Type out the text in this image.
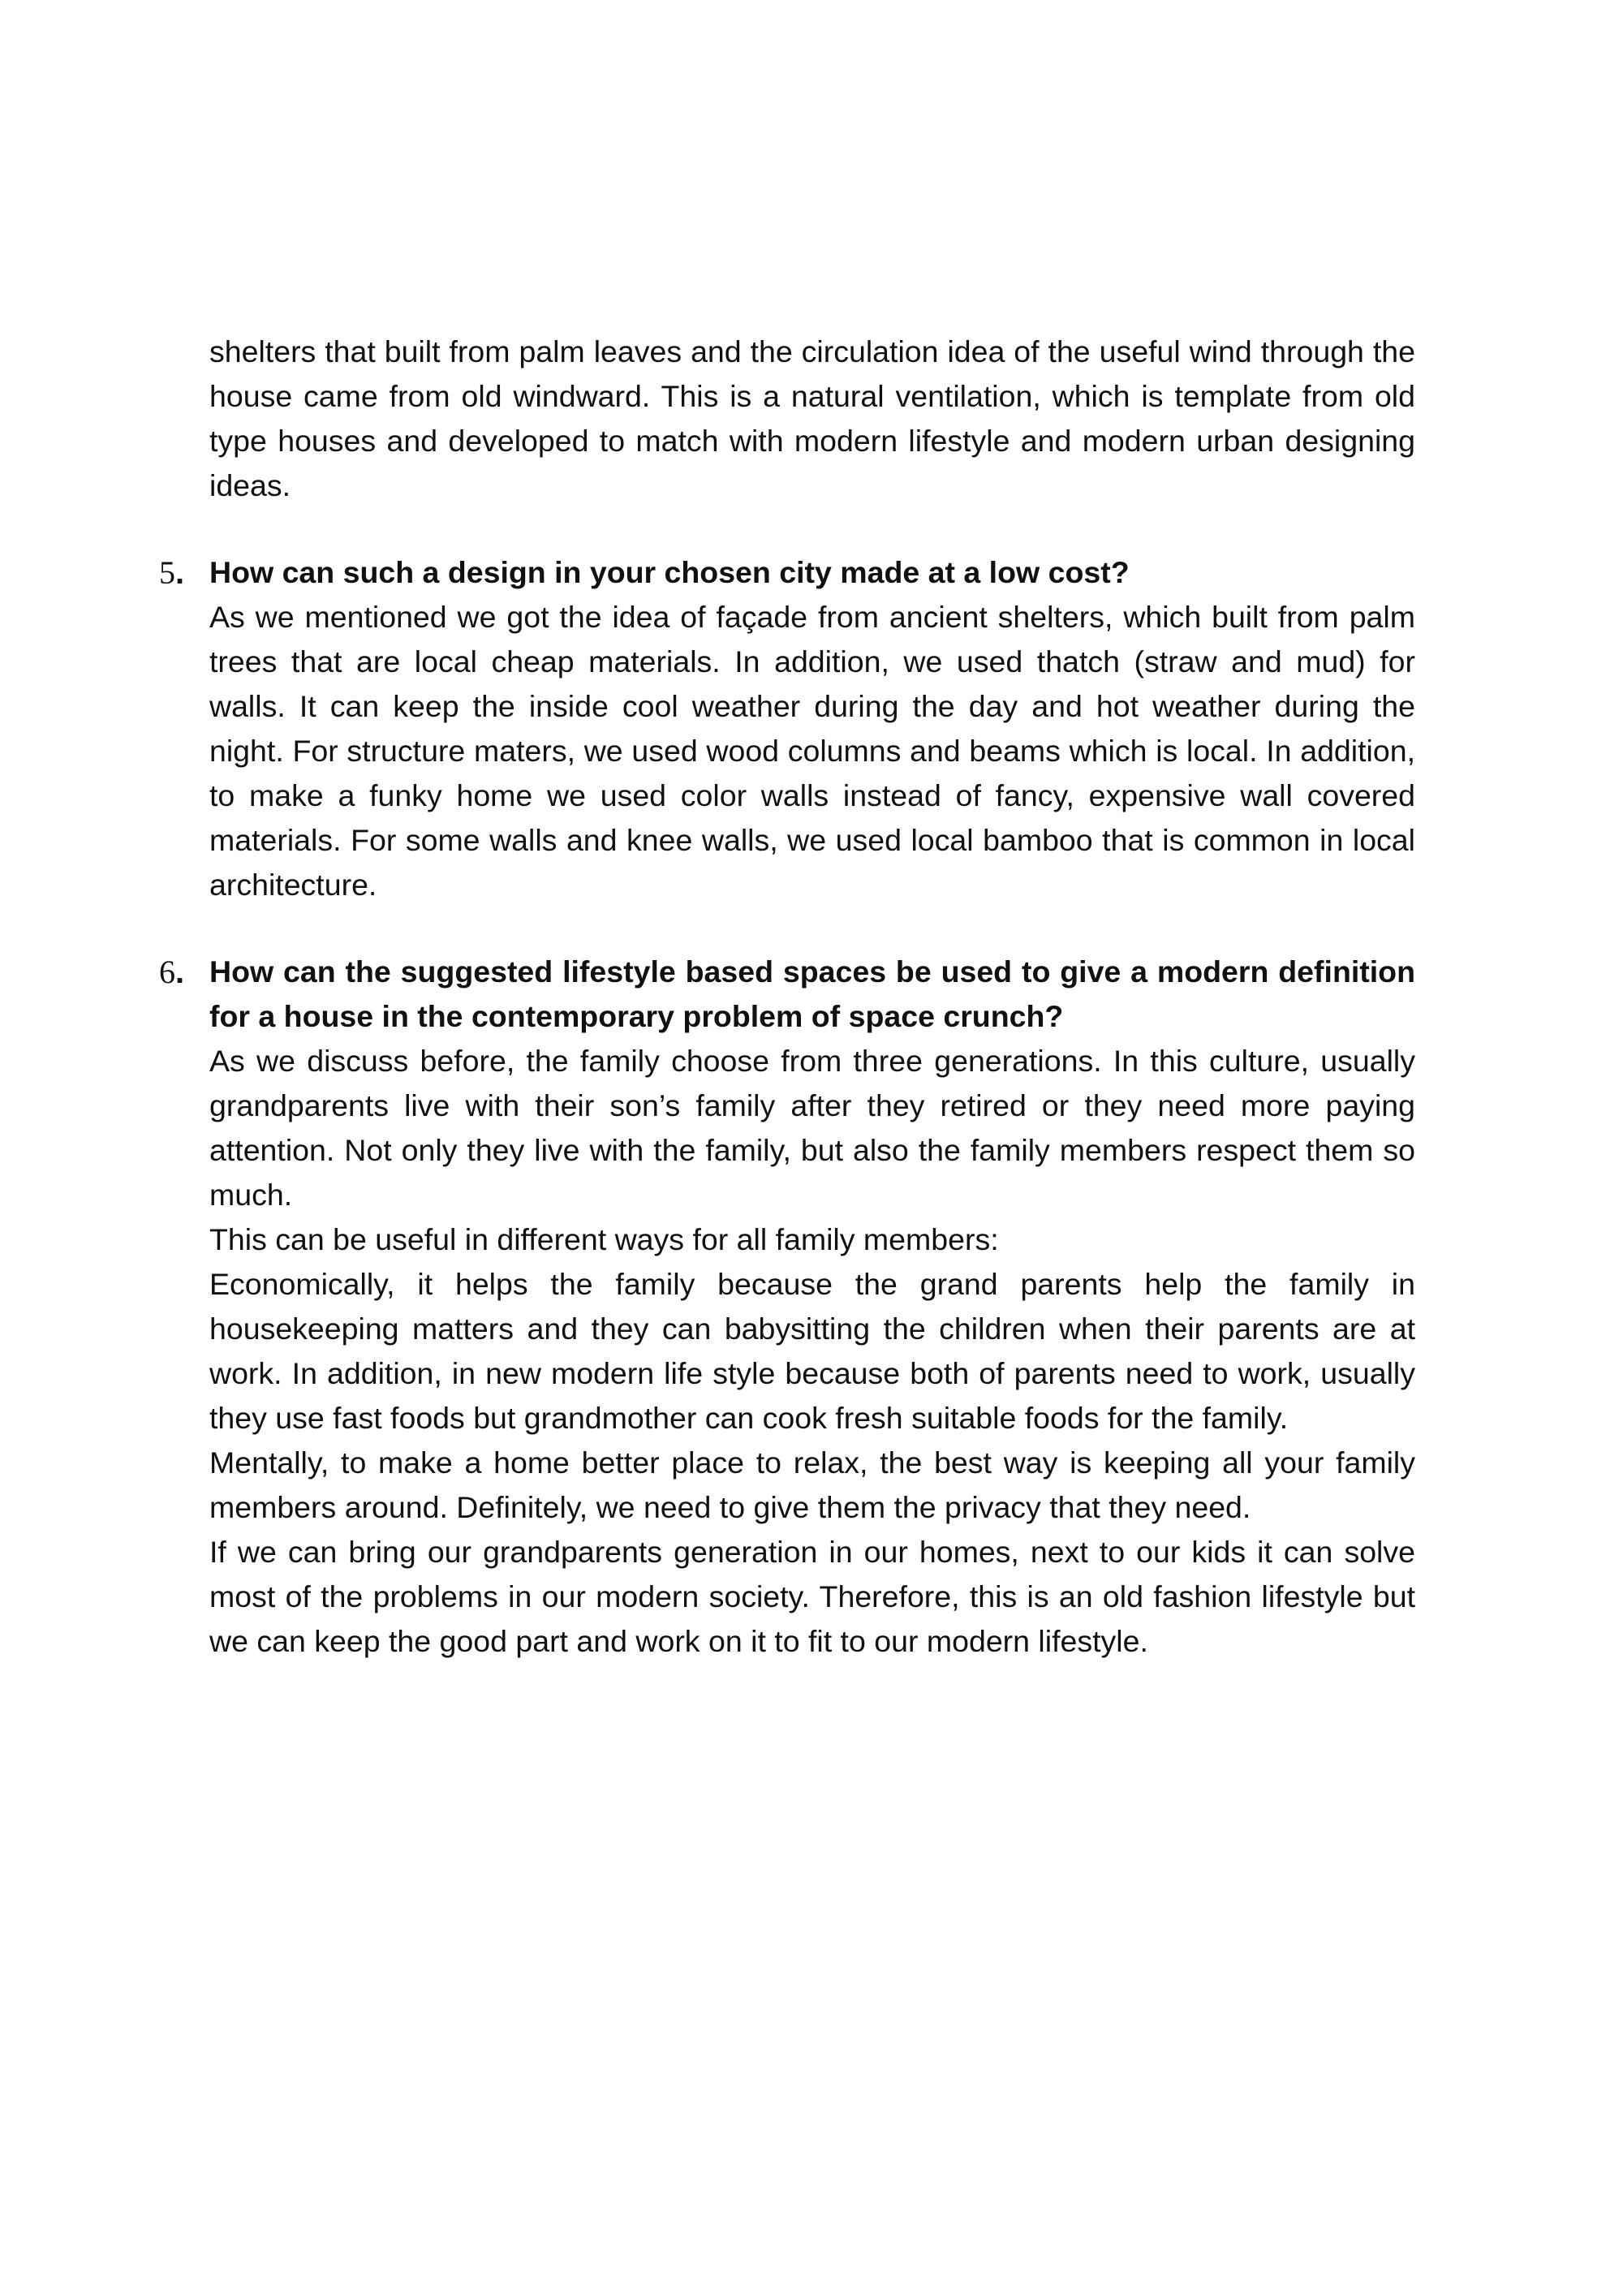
shelters that built from palm leaves and the circulation idea of the useful wind through the house came from old windward. This is a natural ventilation, which is template from old type houses and developed to match with modern lifestyle and modern urban designing ideas.

5. How can such a design in your chosen city made at a low cost?

As we mentioned we got the idea of façade from ancient shelters, which built from palm trees that are local cheap materials. In addition, we used thatch (straw and mud) for walls. It can keep the inside cool weather during the day and hot weather during the night. For structure maters, we used wood columns and beams which is local. In addition, to make a funky home we used color walls instead of fancy, expensive wall covered materials. For some walls and knee walls, we used local bamboo that is common in local architecture.

6. How can the suggested lifestyle based spaces be used to give a modern definition for a house in the contemporary problem of space crunch?

As we discuss before, the family choose from three generations. In this culture, usually grandparents live with their son’s family after they retired or they need more paying attention. Not only they live with the family, but also the family members respect them so much.

This can be useful in different ways for all family members:

Economically, it helps the family because the grand parents help the family in housekeeping matters and they can babysitting the children when their parents are at work. In addition, in new modern life style because both of parents need to work, usually they use fast foods but grandmother can cook fresh suitable foods for the family.

Mentally, to make a home better place to relax, the best way is keeping all your family members around. Definitely, we need to give them the privacy that they need.

If we can bring our grandparents generation in our homes, next to our kids it can solve most of the problems in our modern society. Therefore, this is an old fashion lifestyle but we can keep the good part and work on it to fit to our modern lifestyle.
